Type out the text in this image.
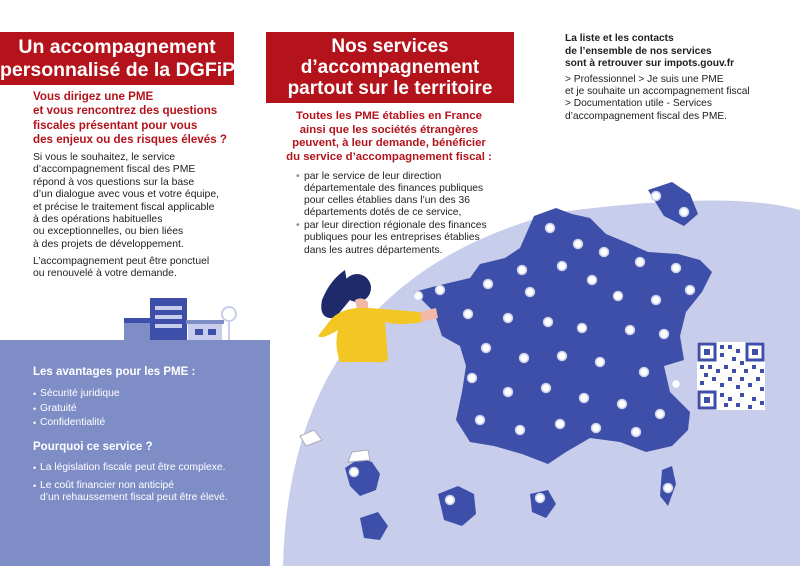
Un accompagnement
personnalisé de la DGFiP
Vous dirigez une PME
et vous rencontrez des questions
fiscales présentant pour vous
des enjeux ou des risques élevés ?
Si vous le souhaitez, le service
d’accompagnement fiscal des PME
répond à vos questions sur la base
d’un dialogue avec vous et votre équipe,
et précise le traitement fiscal applicable
à des opérations habituelles
ou exceptionnelles, ou bien liées
à des projets de développement.
L’accompagnement peut être ponctuel
ou renouvelé à votre demande.
Les avantages pour les PME :
• Sécurité juridique
• Gratuité
• Confidentialité
Pourquoi ce service ?
• La législation fiscale peut être complexe.
• Le coût financier non anticipé
d’un rehaussement fiscal peut être élevé.
Nos services
d’accompagnement
partout sur le territoire
Toutes les PME établies en France
ainsi que les sociétés étrangères
peuvent, à leur demande, bénéficier
du service d’accompagnement fiscal :
• par le service de leur direction
départementale des finances publiques
pour celles établies dans l’un des 36
départements dotés de ce service,
• par leur direction régionale des finances
publiques pour les entreprises établies
dans les autres départements.
La liste et les contacts
de l’ensemble de nos services
sont à retrouver sur impots.gouv.fr
> Professionnel > Je suis une PME
et je souhaite un accompagnement fiscal
> Documentation utile - Services
d’accompagnement fiscal des PME.
